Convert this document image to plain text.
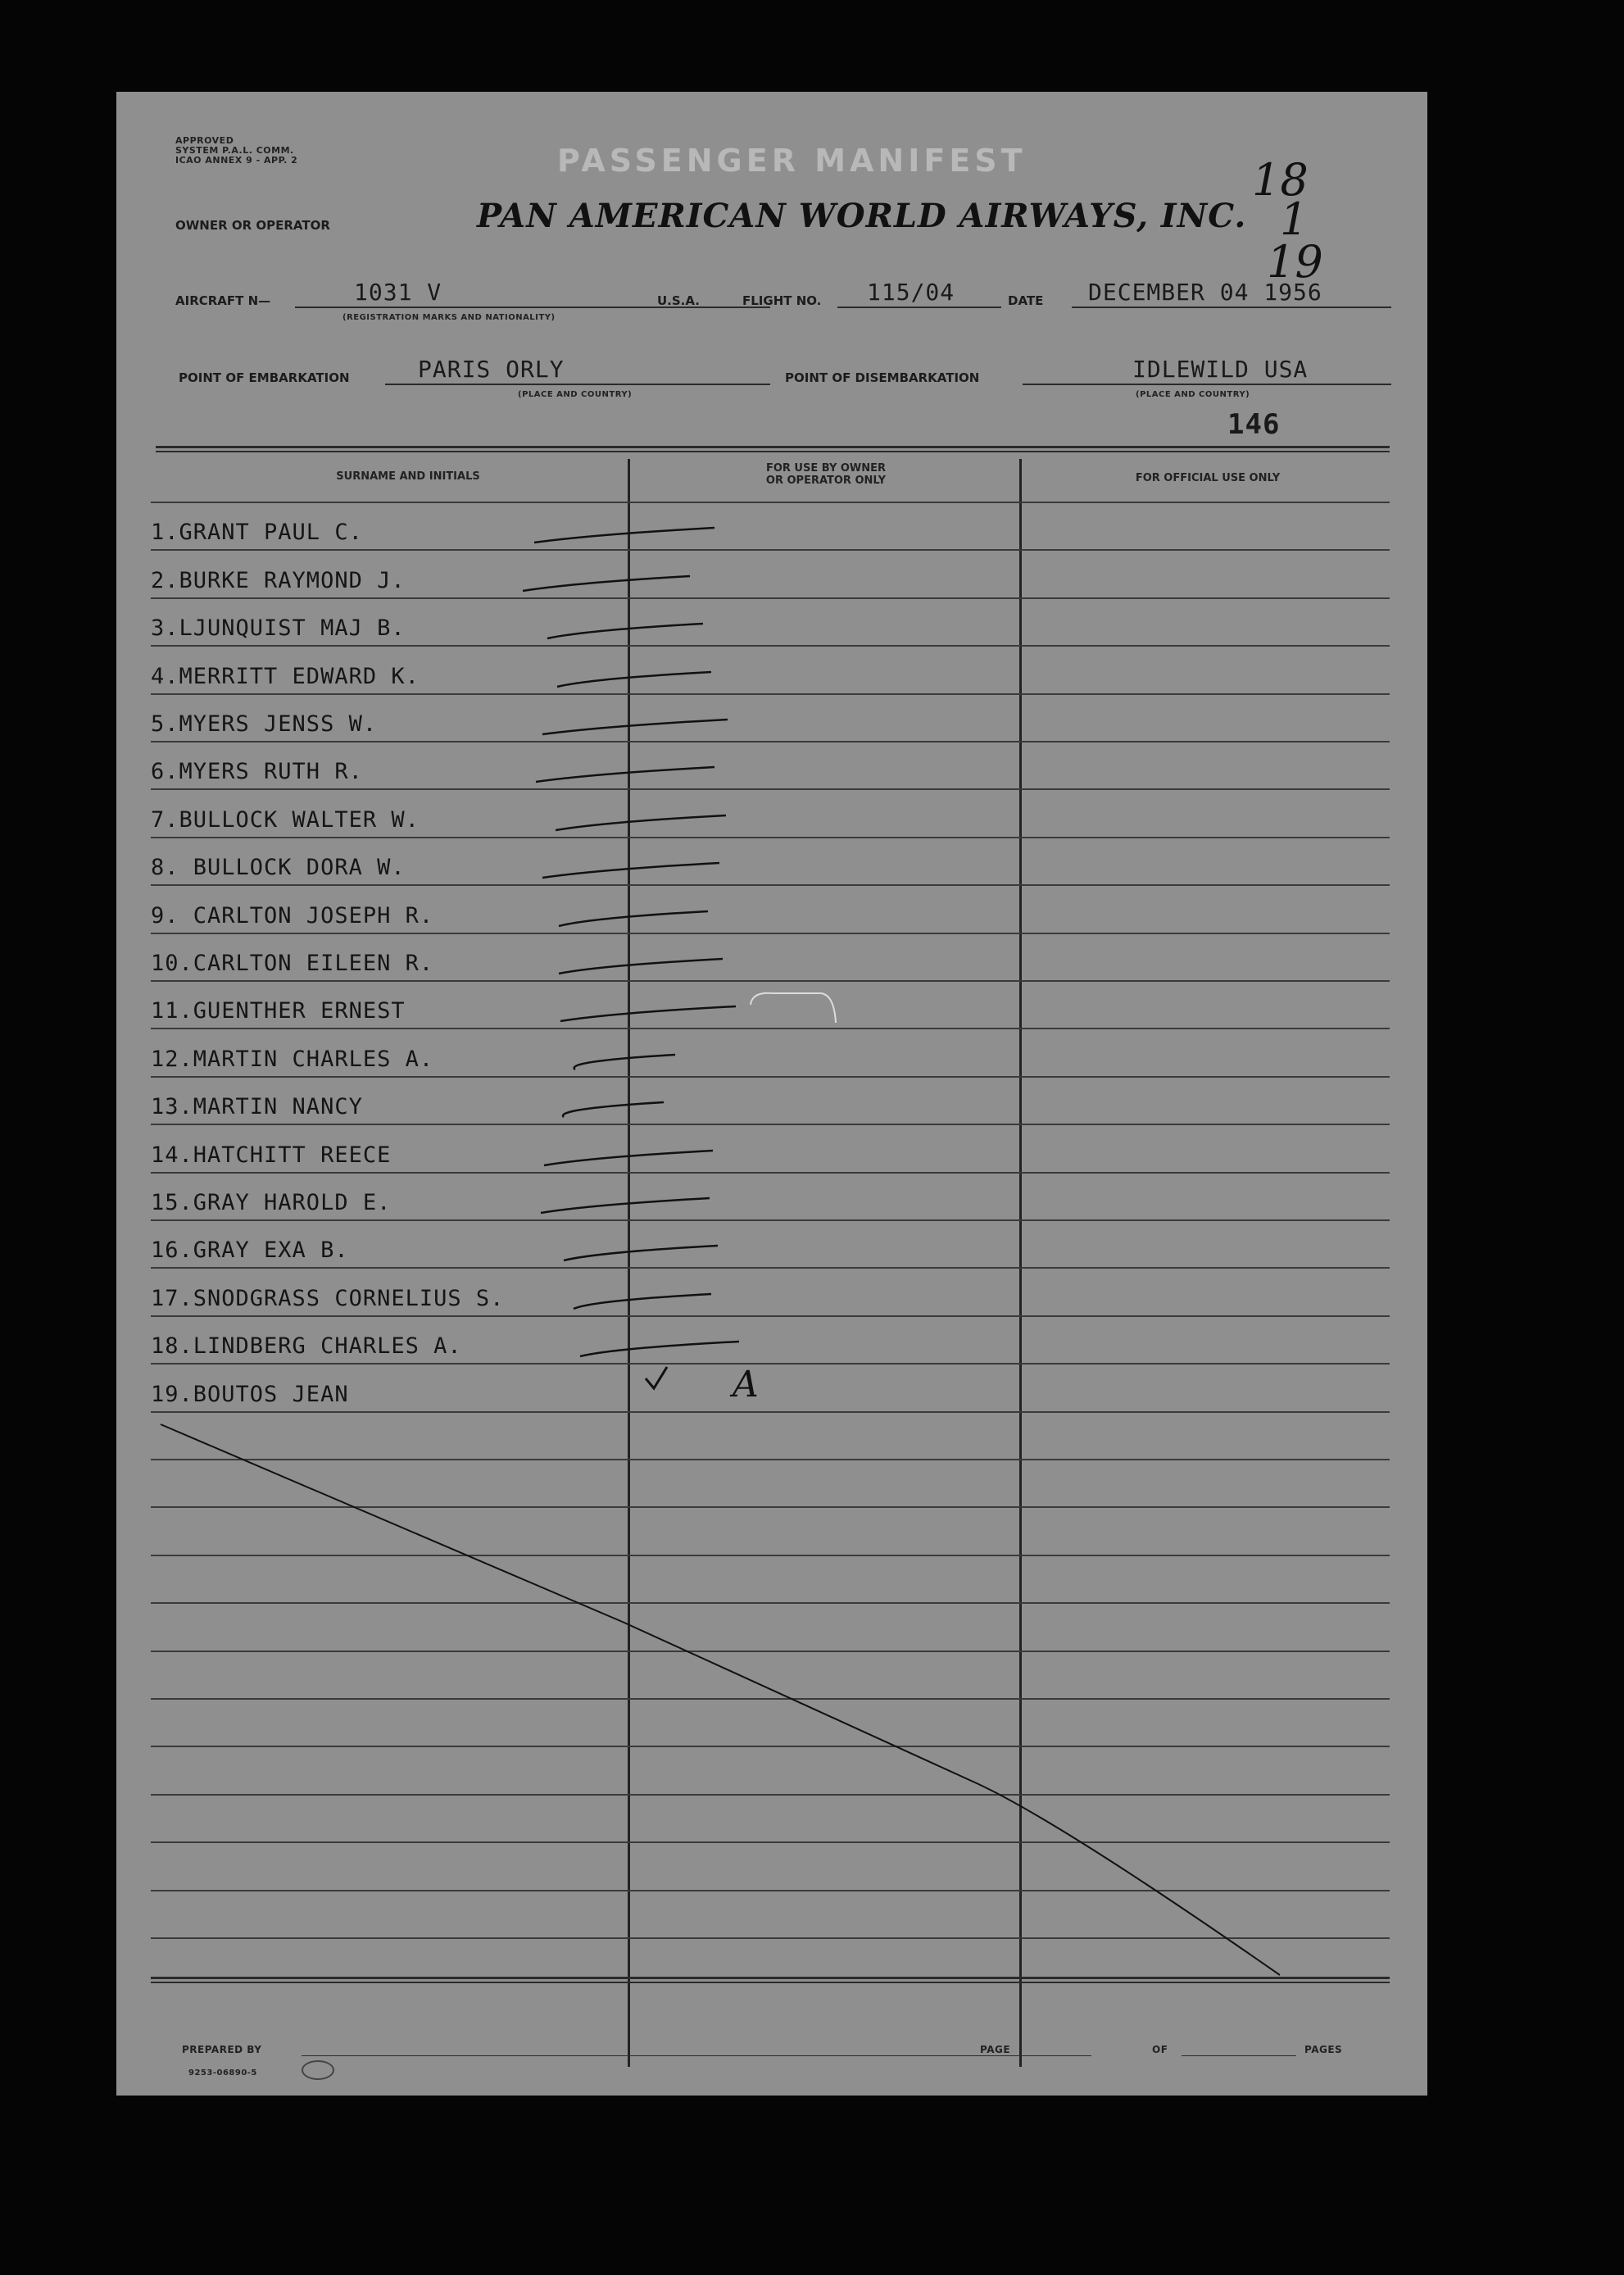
APPROVED
SYSTEM P.A.L. COMM.
ICAO ANNEX 9 - APP. 2	PASSENGER MANIFEST
OWNER OR OPERATOR	PAN AMERICAN WORLD AIRWAYS, INC.
18
1
19
AIRCRAFT N—	1031 V
(REGISTRATION MARKS AND NATIONALITY)
U.S.A.	FLIGHT NO. 115/04	DATE DECEMBER 04 1956
POINT OF EMBARKATION	PARIS ORLY
(PLACE AND COUNTRY)
POINT OF DISEMBARKATION	IDLEWILD USA
(PLACE AND COUNTRY)
146
SURNAME AND INITIALS
FOR USE BY OWNER
OR OPERATOR ONLY	FOR OFFICIAL USE ONLY
1.GRANT PAUL C.
2.BURKE RAYMOND J.
3.LJUNQUIST MAJ B.
4.MERRITT EDWARD K.
5.MYERS JENSS W.
6.MYERS RUTH R.
7.BULLOCK WALTER W.
8. BULLOCK DORA W.
9. CARLTON JOSEPH R.
10.CARLTON EILEEN R.
11.GUENTHER ERNEST
12.MARTIN CHARLES A.
13.MARTIN NANCY
14.HATCHITT REECE
15.GRAY HAROLD E.
16.GRAY EXA B.
17.SNODGRASS CORNELIUS S.
18.LINDBERG CHARLES A.
19.BOUTOS JEAN	A
PREPARED BY	PAGE	OF	PAGES
9253-06890-5
